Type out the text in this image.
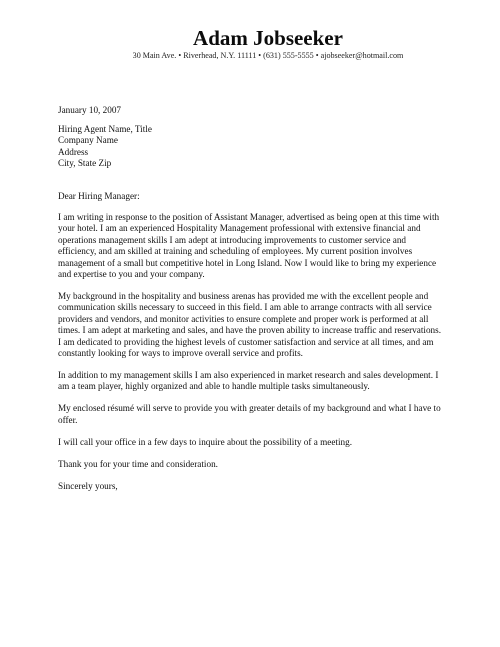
Adam Jobseeker
30 Main Ave. • Riverhead, N.Y. 11111 • (631) 555-5555 • ajobseeker@hotmail.com
January 10, 2007
Hiring Agent Name, Title
Company Name
Address
City, State Zip
Dear Hiring Manager:
I am writing in response to the position of Assistant Manager, advertised as being open at this time with
your hotel. I am an experienced Hospitality Management professional with extensive financial and
operations management skills I am adept at introducing improvements to customer service and
efficiency, and am skilled at training and scheduling of employees. My current position involves
management of a small but competitive hotel in Long Island. Now I would like to bring my experience
and expertise to you and your company.
My background in the hospitality and business arenas has provided me with the excellent people and
communication skills necessary to succeed in this field. I am able to arrange contracts with all service
providers and vendors, and monitor activities to ensure complete and proper work is performed at all
times. I am adept at marketing and sales, and have the proven ability to increase traffic and reservations.
I am dedicated to providing the highest levels of customer satisfaction and service at all times, and am
constantly looking for ways to improve overall service and profits.
In addition to my management skills I am also experienced in market research and sales development. I
am a team player, highly organized and able to handle multiple tasks simultaneously.
My enclosed résumé will serve to provide you with greater details of my background and what I have to
offer.
I will call your office in a few days to inquire about the possibility of a meeting.
Thank you for your time and consideration.
Sincerely yours,
